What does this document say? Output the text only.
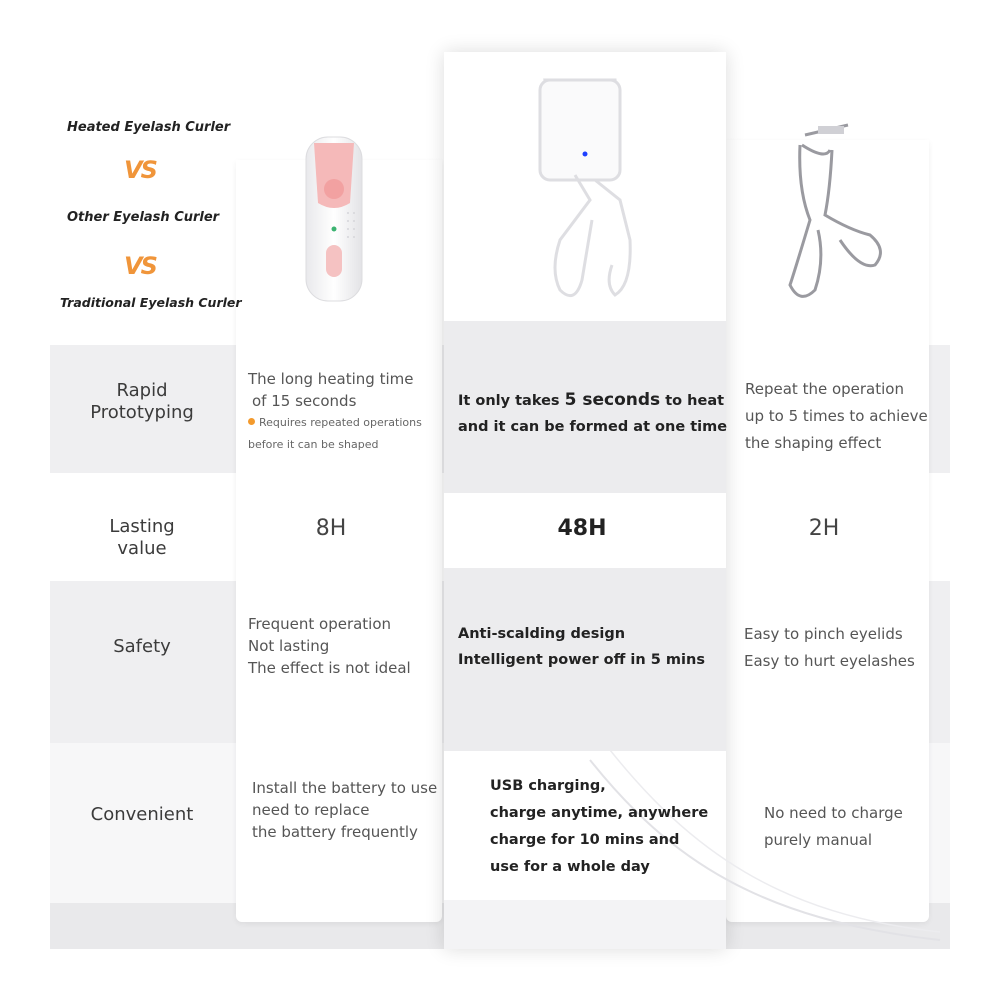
Heated Eyelash Curler
VS
Other Eyelash Curler
VS
Traditional Eyelash Curler
Rapid
Prototyping
The long heating time
of 15 seconds
Requires repeated operations
before it can be shaped
It only takes 5 seconds to heat
and it can be formed at one time
Repeat the operation
up to 5 times to achieve
the shaping effect
Lasting
value
8H	48H	2H
Safety
Frequent operation
Not lasting
The effect is not ideal
Anti-scalding design
Intelligent power off in 5 mins
Easy to pinch eyelids
Easy to hurt eyelashes
Convenient
Install the battery to use
need to replace
the battery frequently
USB charging,
charge anytime, anywhere
charge for 10 mins and
use for a whole day
No need to charge
purely manual
